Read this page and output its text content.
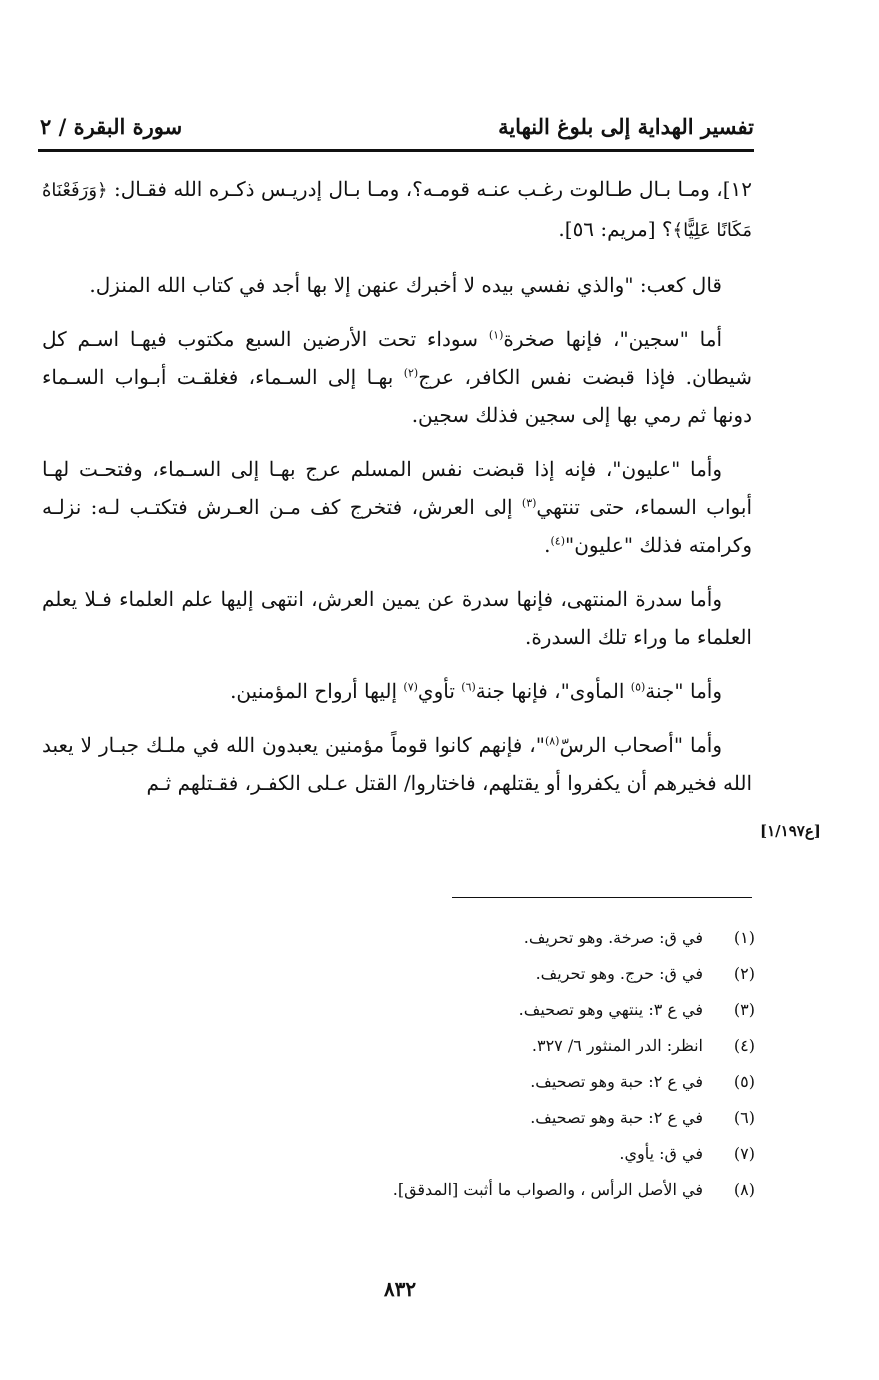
تفسير الهداية إلى بلوغ النهاية
سورة البقرة / ٢

١٢]، ومـا بـال طـالوت رغـب عنـه قومـه؟، ومـا بـال إدريـس ذكـره الله فقـال: ﴿وَرَفَعْنَاهُ مَكَانًا عَلِيًّا﴾؟ [مريم: ٥٦].

قال كعب: "والذي نفسي بيده لا أخبرك عنهن إلا بها أجد في كتاب الله المنزل.

أما "سجين"، فإنها صخرة$^{(١)}$ سوداء تحت الأرضين السبع مكتوب فيهـا اسـم كل شيطان. فإذا قبضت نفس الكافر، عرج$^{(٢)}$ بهـا إلى السـماء، فغلقـت أبـواب السـماء دونها ثم رمي بها إلى سجين فذلك سجين.

وأما "عليون"، فإنه إذا قبضت نفس المسلم عرج بهـا إلى السـماء، وفتحـت لهـا أبواب السماء، حتى تنتهي$^{(٣)}$ إلى العرش، فتخرج كف مـن العـرش فتكتـب لـه: نزلـه وكرامته فذلك "عليون"$^{(٤)}$.

وأما سدرة المنتهى، فإنها سدرة عن يمين العرش، انتهى إليها علم العلماء فـلا يعلم العلماء ما وراء تلك السدرة.

وأما "جنة$^{(٥)}$ المأوى"، فإنها جنة$^{(٦)}$ تأوي$^{(٧)}$ إليها أرواح المؤمنين.

وأما "أصحاب الرسّ$^{(٨)}$"، فإنهم كانوا قوماً مؤمنين يعبدون الله في ملـك جبـار لا يعبد الله فخيرهم أن يكفروا أو يقتلهم، فاختاروا/ القتل عـلى الكفـر، فقـتلهم ثـم

[ع١/١٩٧]
(١)
في ق: صرخة. وهو تحريف.
(٢)
في ق: حرج. وهو تحريف.
(٣)
في ع ٣: ينتهي وهو تصحيف.
(٤)
انظر: الدر المنثور ٦/ ٣٢٧.
(٥)
في ع ٢: حبة وهو تصحيف.
(٦)
في ع ٢: حبة وهو تصحيف.
(٧)
في ق: يأوي.
(٨)
في الأصل الرأس ، والصواب ما أثبت [المدقق].
٨٣٢
